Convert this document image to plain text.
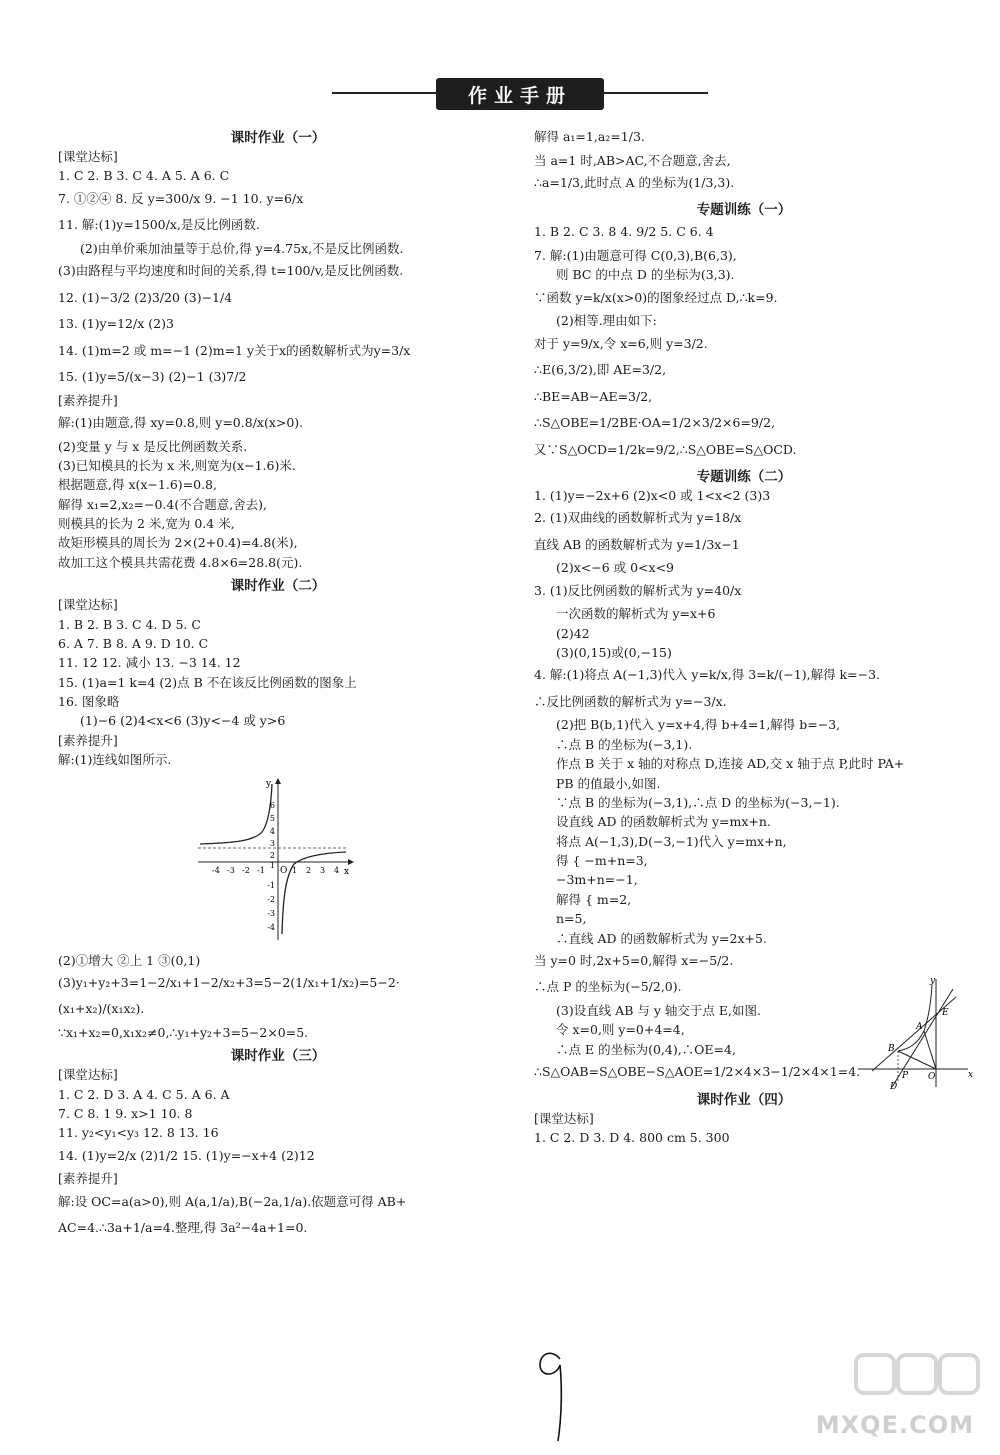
作业手册
课时作业（一）
[课堂达标]
1. C 2. B 3. C 4. A 5. A 6. C
7. ①②④ 8. 反 y=300/x 9. −1 10. y=6/x
11. 解:(1)y=1500/x,是反比例函数.
(2)由单价乘加油量等于总价,得 y=4.75x,不是反比例函数.
(3)由路程与平均速度和时间的关系,得 t=100/v,是反比例函数.
12. (1)−3/2 (2)3/20 (3)−1/4
13. (1)y=12/x (2)3
14. (1)m=2 或 m=−1 (2)m=1 y关于x的函数解析式为y=3/x
15. (1)y=5/(x−3) (2)−1 (3)7/2
[素养提升]
解:(1)由题意,得 xy=0.8,则 y=0.8/x(x>0).
(2)变量 y 与 x 是反比例函数关系.
(3)已知模具的长为 x 米,则宽为(x−1.6)米.
根据题意,得 x(x−1.6)=0.8,
解得 x₁=2,x₂=−0.4(不合题意,舍去),
则模具的长为 2 米,宽为 0.4 米,
故矩形模具的周长为 2×(2+0.4)=4.8(米),
故加工这个模具共需花费 4.8×6=28.8(元).
课时作业（二）
[课堂达标]
1. B 2. B 3. C 4. D 5. C
6. A 7. B 8. A 9. D 10. C
11. 12 12. 减小 13. −3 14. 12
15. (1)a=1 k=4 (2)点 B 不在该反比例函数的图象上
16. 图象略
(1)−6 (2)4<x<6 (3)y<−4 或 y>6
[素养提升]
解:(1)连线如图所示.
y
x
O
-4 -3 -2 -1	1 2 3 4
6
5
4
3
2
1
-1
-2
-3
-4
(2)①增大 ②上 1 ③(0,1)
(3)y₁+y₂+3=1−2/x₁+1−2/x₂+3=5−2(1/x₁+1/x₂)=5−2·
(x₁+x₂)/(x₁x₂).
∵x₁+x₂=0,x₁x₂≠0,∴y₁+y₂+3=5−2×0=5.
课时作业（三）
[课堂达标]
1. C 2. D 3. A 4. C 5. A 6. A
7. C 8. 1 9. x>1 10. 8
11. y₂<y₁<y₃ 12. 8 13. 16
14. (1)y=2/x (2)1/2 15. (1)y=−x+4 (2)12
[素养提升]
解:设 OC=a(a>0),则 A(a,1/a),B(−2a,1/a).依题意可得 AB+
AC=4.∴3a+1/a=4.整理,得 3a²−4a+1=0.
解得 a₁=1,a₂=1/3.
当 a=1 时,AB>AC,不合题意,舍去,
∴a=1/3,此时点 A 的坐标为(1/3,3).
专题训练（一）
1. B 2. C 3. 8 4. 9/2 5. C 6. 4
7. 解:(1)由题意可得 C(0,3),B(6,3),
则 BC 的中点 D 的坐标为(3,3).
∵函数 y=k/x(x>0)的图象经过点 D,∴k=9.
(2)相等.理由如下:
对于 y=9/x,令 x=6,则 y=3/2.
∴E(6,3/2),即 AE=3/2,
∴BE=AB−AE=3/2,
∴S△OBE=1/2BE·OA=1/2×3/2×6=9/2,
又∵S△OCD=1/2k=9/2,∴S△OBE=S△OCD.
专题训练（二）
1. (1)y=−2x+6 (2)x<0 或 1<x<2 (3)3
2. (1)双曲线的函数解析式为 y=18/x
直线 AB 的函数解析式为 y=1/3x−1
(2)x<−6 或 0<x<9
3. (1)反比例函数的解析式为 y=40/x
一次函数的解析式为 y=x+6
(2)42
(3)(0,15)或(0,−15)
4. 解:(1)将点 A(−1,3)代入 y=k/x,得 3=k/(−1),解得 k=−3.
∴反比例函数的解析式为 y=−3/x.
(2)把 B(b,1)代入 y=x+4,得 b+4=1,解得 b=−3,
∴点 B 的坐标为(−3,1).
作点 B 关于 x 轴的对称点 D,连接 AD,交 x 轴于点 P,此时 PA+
PB 的值最小,如图.
∵点 B 的坐标为(−3,1),∴点 D 的坐标为(−3,−1).
设直线 AD 的函数解析式为 y=mx+n.
将点 A(−1,3),D(−3,−1)代入 y=mx+n,
得 { −m+n=3,
−3m+n=−1,
解得 { m=2,
n=5,
∴直线 AD 的函数解析式为 y=2x+5.
当 y=0 时,2x+5=0,解得 x=−5/2.
∴点 P 的坐标为(−5/2,0).
(3)设直线 AB 与 y 轴交于点 E,如图.
令 x=0,则 y=0+4=4,
∴点 E 的坐标为(0,4),∴OE=4,
∴S△OAB=S△OBE−S△AOE=1/2×4×3−1/2×4×1=4.
课时作业（四）
[课堂达标]
1. C 2. D 3. D 4. 800 cm 5. 300
y
x
A
E
B
P O
D
MXQE.COM
